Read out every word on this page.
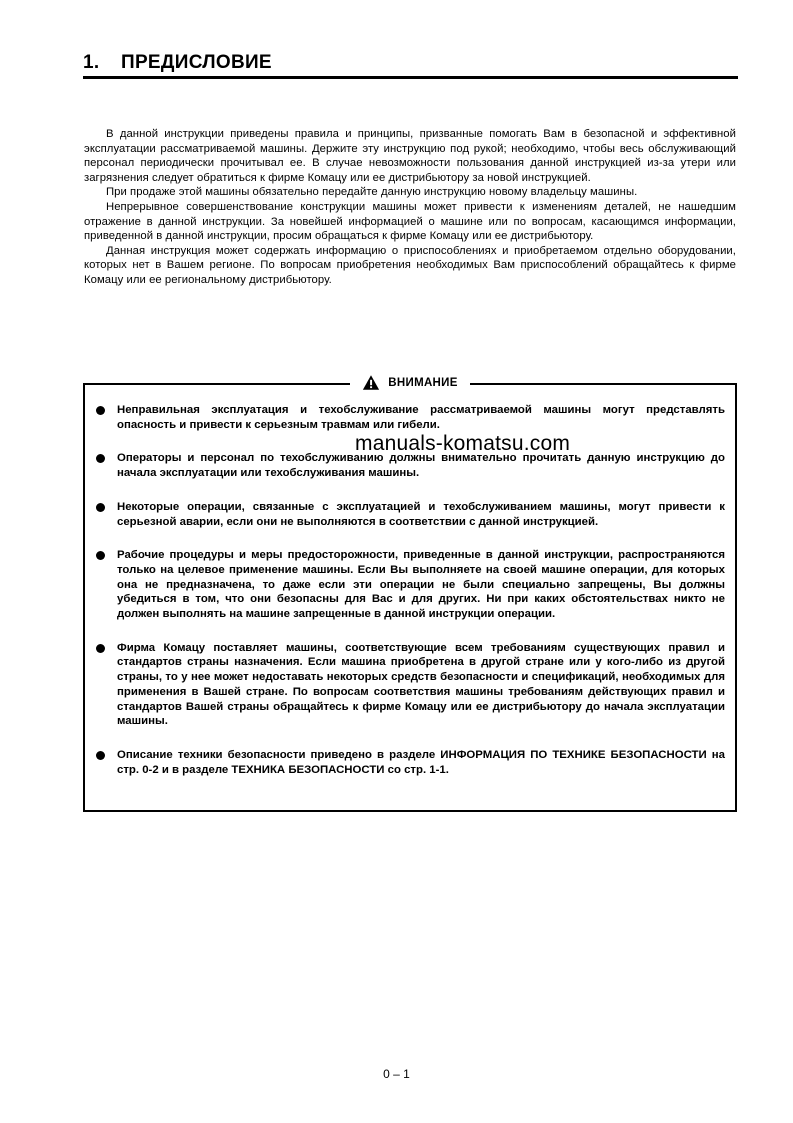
1. ПРЕДИСЛОВИЕ

В данной инструкции приведены правила и принципы, призванные помогать Вам в безопасной и эффективной эксплуатации рассматриваемой машины. Держите эту инструкцию под рукой; необходимо, чтобы весь обслуживающий персонал периодически прочитывал ее. В случае невозможности пользования данной инструкцией из-за утери или загрязнения следует обратиться к фирме Комацу или ее дистрибьютору за новой инструкцией.

При продаже этой машины обязательно передайте данную инструкцию новому владельцу машины.

Непрерывное совершенствование конструкции машины может привести к изменениям деталей, не нашедшим отражение в данной инструкции. За новейшей информацией о машине или по вопросам, касающимся информации, приведенной в данной инструкции, просим обращаться к фирме Комацу или ее дистрибьютору.

Данная инструкция может содержать информацию о приспособлениях и приобретаемом отдельно оборудовании, которых нет в Вашем регионе. По вопросам приобретения необходимых Вам приспособлений обращайтесь к фирме Комацу или ее региональному дистрибьютору.

ВНИМАНИЕ
Неправильная эксплуатация и техобслуживание рассматриваемой машины могут представлять опасность и привести к серьезным травмам или гибели.
Операторы и персонал по техобслуживанию должны внимательно прочитать данную инструкцию до начала эксплуатации или техобслуживания машины.
Некоторые операции, связанные с эксплуатацией и техобслуживанием машины, могут привести к серьезной аварии, если они не выполняются в соответствии с данной инструкцией.
Рабочие процедуры и меры предосторожности, приведенные в данной инструкции, распространяются только на целевое применение машины. Если Вы выполняете на своей машине операции, для которых она не предназначена, то даже если эти операции не были специально запрещены, Вы должны убедиться в том, что они безопасны для Вас и для других. Ни при каких обстоятельствах никто не должен выполнять на машине запрещенные в данной инструкции операции.
Фирма Комацу поставляет машины, соответствующие всем требованиям существующих правил и стандартов страны назначения. Если машина приобретена в другой стране или у кого-либо из другой страны, то у нее может недоставать некоторых средств безопасности и спецификаций, необходимых для применения в Вашей стране. По вопросам соответствия машины требованиям действующих правил и стандартов Вашей страны обращайтесь к фирме Комацу или ее дистрибьютору до начала эксплуатации машины.
Описание техники безопасности приведено в разделе ИНФОРМАЦИЯ ПО ТЕХНИКЕ БЕЗОПАСНОСТИ на стр. 0-2 и в разделе ТЕХНИКА БЕЗОПАСНОСТИ со стр. 1-1.
manuals-komatsu.com
0 – 1
